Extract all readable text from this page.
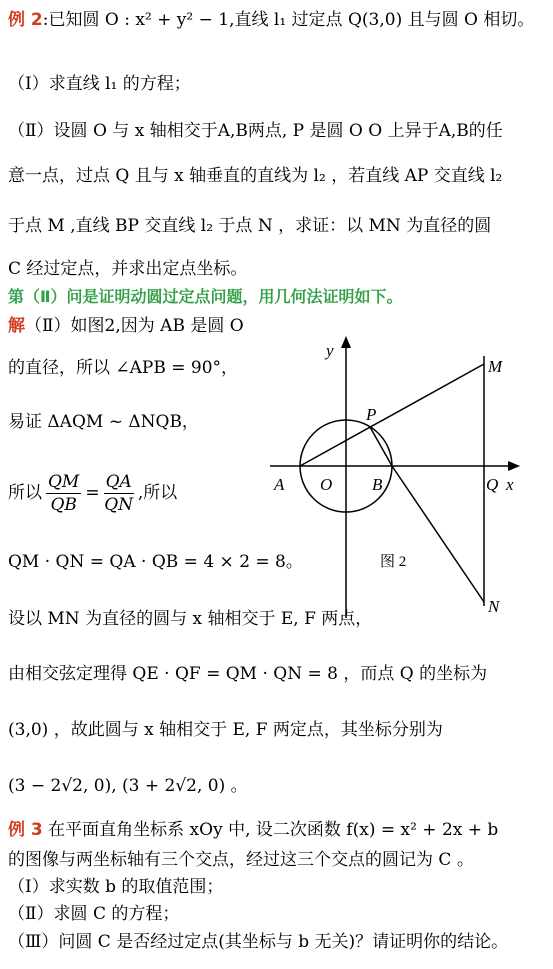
例 2:已知圆 O : x² + y² − 1,直线 l₁ 过定点 Q(3,0) 且与圆 O 相切。
（Ⅰ）求直线 l₁ 的方程；
（Ⅱ）设圆 O 与 x 轴相交于A,B两点, P 是圆 O O 上异于A,B的任
意一点，过点 Q 且与 x 轴垂直的直线为 l₂ ，若直线 AP 交直线 l₂
于点 M ,直线 BP 交直线 l₂ 于点 N ，求证：以 MN 为直径的圆
C 经过定点，并求出定点坐标。
第（Ⅱ）问是证明动圆过定点问题，用几何法证明如下。
解（Ⅱ）如图2,因为 AB 是圆 O
的直径，所以 ∠APB = 90°，
易证 ΔAQM ~ ΔNQB，
所以 $\frac{QM}{QB} = \frac{QA}{QN}$ ,所以
QM · QN = QA · QB = 4 × 2 = 8。
设以 MN 为直径的圆与 x 轴相交于 E, F 两点，
由相交弦定理得 QE · QF = QM · QN = 8 ，而点 Q 的坐标为
(3,0) ，故此圆与 x 轴相交于 E, F 两定点，其坐标分别为
(3 − 2√2, 0), (3 + 2√2, 0) 。
例 3 在平面直角坐标系 xOy 中, 设二次函数 f(x) = x² + 2x + b
的图像与两坐标轴有三个交点，经过这三个交点的圆记为 C 。
（Ⅰ）求实数 b 的取值范围；
（Ⅱ）求圆 C 的方程；
（Ⅲ）问圆 C 是否经过定点(其坐标与 b 无关)？请证明你的结论。
y
x
A O B	Q
P
M
N
图 2
